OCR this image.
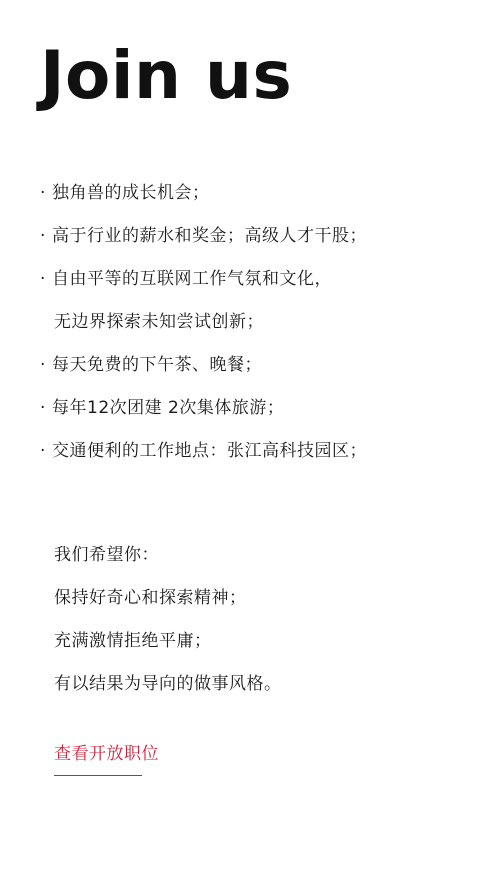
Join us
· 独角兽的成长机会；
· 高于行业的薪水和奖金；高级人才干股；
· 自由平等的互联网工作气氛和文化，
无边界探索未知尝试创新；
· 每天免费的下午茶、晚餐；
· 每年12次团建 2次集体旅游；
· 交通便利的工作地点：张江高科技园区；
我们希望你：
保持好奇心和探索精神；
充满激情拒绝平庸；
有以结果为导向的做事风格。
查看开放职位
